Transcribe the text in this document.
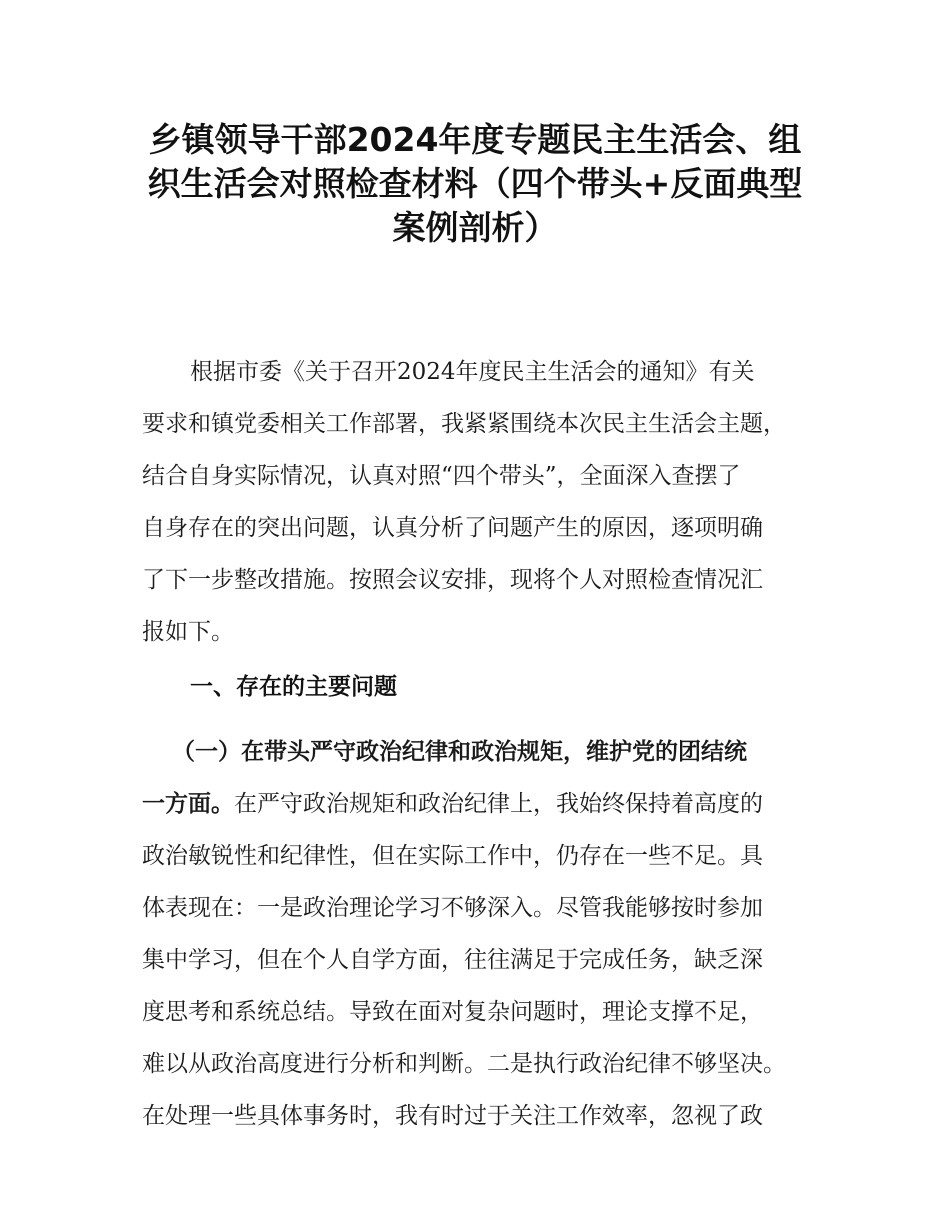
乡镇领导干部2024年度专题民主生活会、组
织生活会对照检查材料（四个带头+反面典型
案例剖析）
根据市委《关于召开2024年度民主生活会的通知》有关
要求和镇党委相关工作部署，我紧紧围绕本次民主生活会主题，
结合自身实际情况，认真对照“四个带头”，全面深入查摆了
自身存在的突出问题，认真分析了问题产生的原因，逐项明确
了下一步整改措施。按照会议安排，现将个人对照检查情况汇
报如下。
一、存在的主要问题
（一）在带头严守政治纪律和政治规矩，维护党的团结统
一方面。在严守政治规矩和政治纪律上，我始终保持着高度的
政治敏锐性和纪律性，但在实际工作中，仍存在一些不足。具
体表现在：一是政治理论学习不够深入。尽管我能够按时参加
集中学习，但在个人自学方面，往往满足于完成任务，缺乏深
度思考和系统总结。导致在面对复杂问题时，理论支撑不足，
难以从政治高度进行分析和判断。二是执行政治纪律不够坚决。
在处理一些具体事务时，我有时过于关注工作效率，忽视了政
